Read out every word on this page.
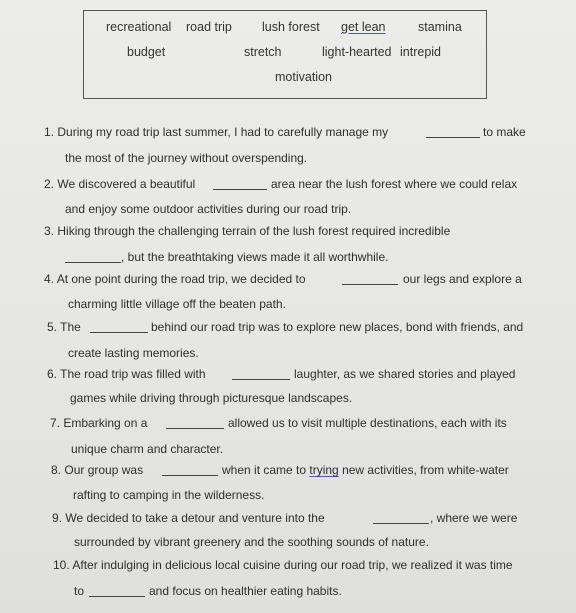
recreational road trip lush forest get lean	stamina
budget	stretch	light-hearted intrepid
motivation
1. During my road trip last summer, I had to carefully manage my	to make
the most of the journey without overspending.
2. We discovered a beautiful	area near the lush forest where we could relax
and enjoy some outdoor activities during our road trip.
3. Hiking through the challenging terrain of the lush forest required incredible
, but the breathtaking views made it all worthwhile.
4. At one point during the road trip, we decided to	our legs and explore a
charming little village off the beaten path.
5. The	behind our road trip was to explore new places, bond with friends, and
create lasting memories.
6. The road trip was filled with	laughter, as we shared stories and played
games while driving through picturesque landscapes.
7. Embarking on a	allowed us to visit multiple destinations, each with its
unique charm and character.
8. Our group was	when it came to trying new activities, from white-water
rafting to camping in the wilderness.
9. We decided to take a detour and venture into the	, where we were
surrounded by vibrant greenery and the soothing sounds of nature.
10. After indulging in delicious local cuisine during our road trip, we realized it was time
to	and focus on healthier eating habits.
